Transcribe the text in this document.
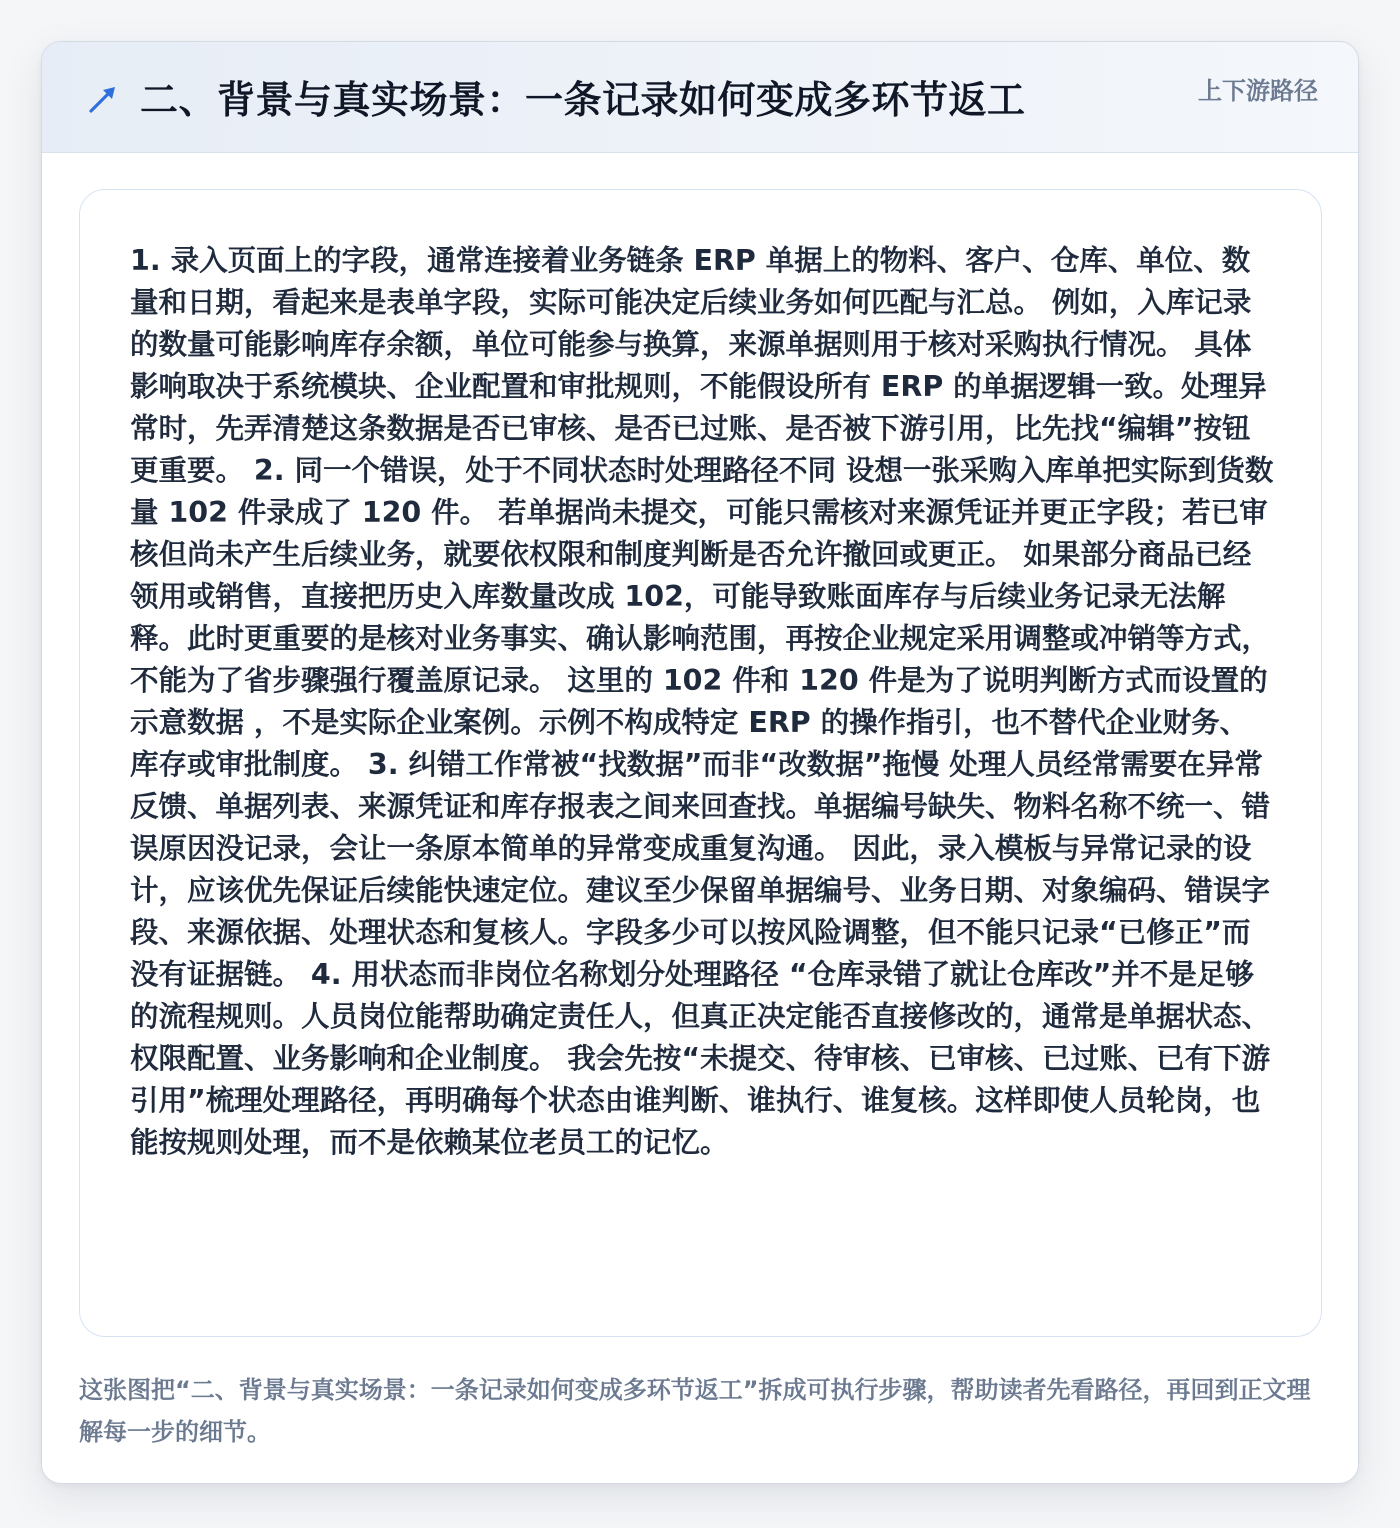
二、背景与真实场景：一条记录如何变成多环节返工	上下游路径

1. 录入页面上的字段，通常连接着业务链条 ERP 单据上的物料、客户、仓库、单位、数量和日期，看起来是表单字段，实际可能决定后续业务如何匹配与汇总。 例如，入库记录的数量可能影响库存余额，单位可能参与换算，来源单据则用于核对采购执行情况。 具体影响取决于系统模块、企业配置和审批规则，不能假设所有 ERP 的单据逻辑一致。处理异常时，先弄清楚这条数据是否已审核、是否已过账、是否被下游引用，比先找“编辑”按钮更重要。 2. 同一个错误，处于不同状态时处理路径不同 设想一张采购入库单把实际到货数量 102 件录成了 120 件。 若单据尚未提交，可能只需核对来源凭证并更正字段；若已审核但尚未产生后续业务，就要依权限和制度判断是否允许撤回或更正。 如果部分商品已经领用或销售，直接把历史入库数量改成 102，可能导致账面库存与后续业务记录无法解释。此时更重要的是核对业务事实、确认影响范围，再按企业规定采用调整或冲销等方式，不能为了省步骤强行覆盖原记录。 这里的 102 件和 120 件是为了说明判断方式而设置的 示意数据 ，不是实际企业案例。示例不构成特定 ERP 的操作指引，也不替代企业财务、库存或审批制度。 3. 纠错工作常被“找数据”而非“改数据”拖慢 处理人员经常需要在异常反馈、单据列表、来源凭证和库存报表之间来回查找。单据编号缺失、物料名称不统一、错误原因没记录，会让一条原本简单的异常变成重复沟通。 因此，录入模板与异常记录的设计，应该优先保证后续能快速定位。建议至少保留单据编号、业务日期、对象编码、错误字段、来源依据、处理状态和复核人。字段多少可以按风险调整，但不能只记录“已修正”而没有证据链。 4. 用状态而非岗位名称划分处理路径 “仓库录错了就让仓库改”并不是足够的流程规则。人员岗位能帮助确定责任人，但真正决定能否直接修改的，通常是单据状态、权限配置、业务影响和企业制度。 我会先按“未提交、待审核、已审核、已过账、已有下游引用”梳理处理路径，再明确每个状态由谁判断、谁执行、谁复核。这样即使人员轮岗，也能按规则处理，而不是依赖某位老员工的记忆。

这张图把“二、背景与真实场景：一条记录如何变成多环节返工”拆成可执行步骤，帮助读者先看路径，再回到正文理解每一步的细节。
